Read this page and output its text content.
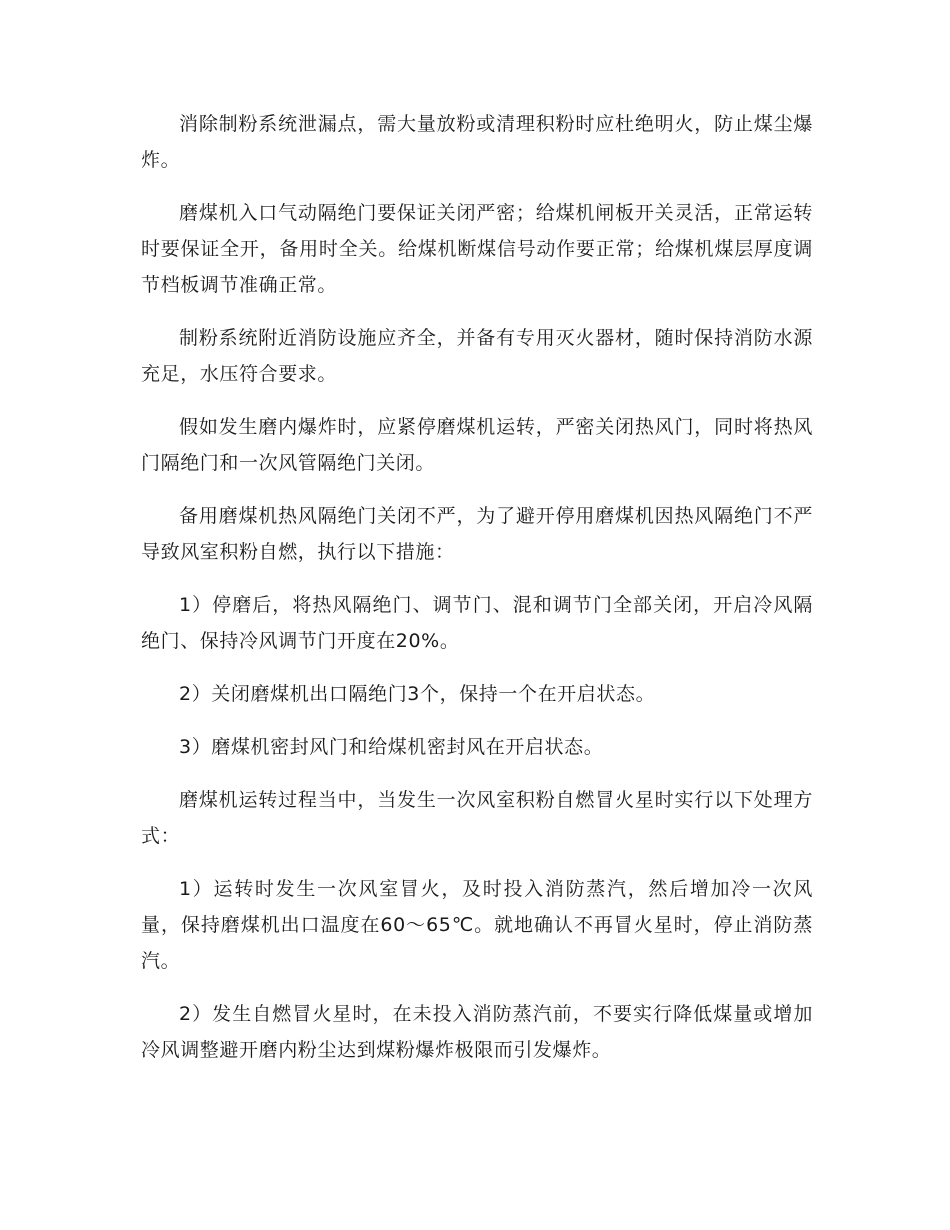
消除制粉系统泄漏点，需大量放粉或清理积粉时应杜绝明火，防止煤尘爆炸。

磨煤机入口气动隔绝门要保证关闭严密；给煤机闸板开关灵活，正常运转时要保证全开，备用时全关。给煤机断煤信号动作要正常；给煤机煤层厚度调节档板调节准确正常。

制粉系统附近消防设施应齐全，并备有专用灭火器材，随时保持消防水源充足，水压符合要求。

假如发生磨内爆炸时，应紧停磨煤机运转，严密关闭热风门，同时将热风门隔绝门和一次风管隔绝门关闭。

备用磨煤机热风隔绝门关闭不严，为了避开停用磨煤机因热风隔绝门不严导致风室积粉自燃，执行以下措施：

1）停磨后，将热风隔绝门、调节门、混和调节门全部关闭，开启冷风隔绝门、保持冷风调节门开度在20%。

2）关闭磨煤机出口隔绝门3个，保持一个在开启状态。

3）磨煤机密封风门和给煤机密封风在开启状态。

磨煤机运转过程当中，当发生一次风室积粉自燃冒火星时实行以下处理方式：

1）运转时发生一次风室冒火，及时投入消防蒸汽，然后增加冷一次风量，保持磨煤机出口温度在60～65℃。就地确认不再冒火星时，停止消防蒸汽。

2）发生自燃冒火星时，在未投入消防蒸汽前，不要实行降低煤量或增加冷风调整避开磨内粉尘达到煤粉爆炸极限而引发爆炸。
